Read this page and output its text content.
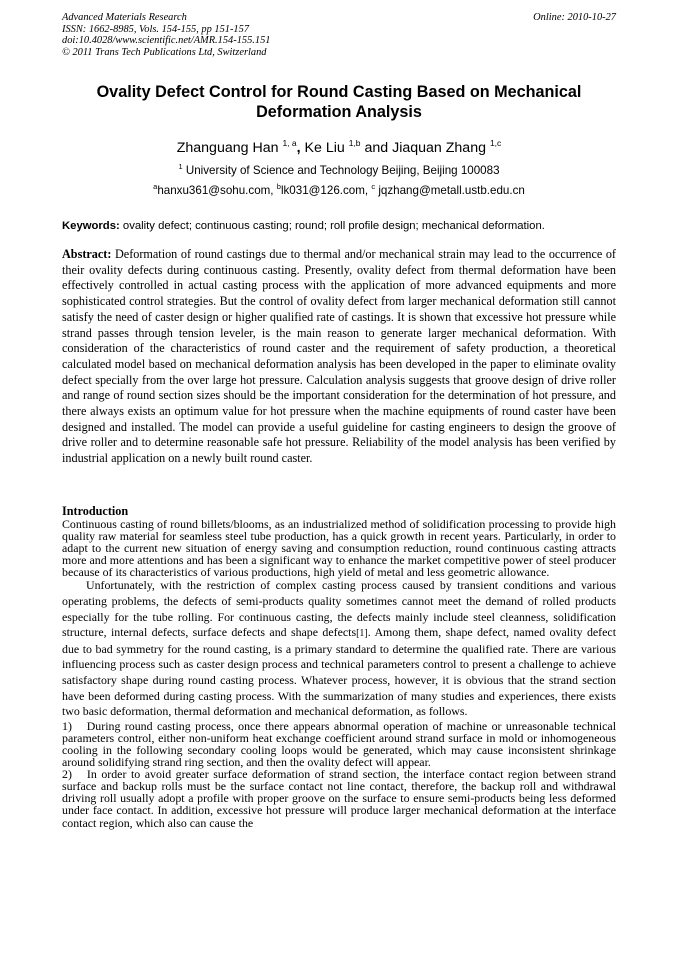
Advanced Materials Research
ISSN: 1662-8985, Vols. 154-155, pp 151-157
doi:10.4028/www.scientific.net/AMR.154-155.151
© 2011 Trans Tech Publications Ltd, Switzerland
Online: 2010-10-27
Ovality Defect Control for Round Casting Based on Mechanical Deformation Analysis
Zhanguang Han $^{1, a}$, Ke Liu $^{1,b}$ and Jiaquan Zhang $^{1,c}$
$^1$ University of Science and Technology Beijing, Beijing 100083
$^a$hanxu361@sohu.com, $^b$lk031@126.com, $^c$ jqzhang@metall.ustb.edu.cn
Keywords: ovality defect; continuous casting; round; roll profile design; mechanical deformation.
Abstract: Deformation of round castings due to thermal and/or mechanical strain may lead to the occurrence of their ovality defects during continuous casting. Presently, ovality defect from thermal deformation have been effectively controlled in actual casting process with the application of more advanced equipments and more sophisticated control strategies. But the control of ovality defect from larger mechanical deformation still cannot satisfy the need of caster design or higher qualified rate of castings. It is shown that excessive hot pressure while strand passes through tension leveler, is the main reason to generate larger mechanical deformation. With consideration of the characteristics of round caster and the requirement of safety production, a theoretical calculated model based on mechanical deformation analysis has been developed in the paper to eliminate ovality defect specially from the over large hot pressure. Calculation analysis suggests that groove design of drive roller and range of round section sizes should be the important consideration for the determination of hot pressure, and there always exists an optimum value for hot pressure when the machine equipments of round caster have been designed and installed. The model can provide a useful guideline for casting engineers to design the groove of drive roller and to determine reasonable safe hot pressure. Reliability of the model analysis has been verified by industrial application on a newly built round caster.
Introduction

Continuous casting of round billets/blooms, as an industrialized method of solidification processing to provide high quality raw material for seamless steel tube production, has a quick growth in recent years. Particularly, in order to adapt to the current new situation of energy saving and consumption reduction, round continuous casting attracts more and more attentions and has been a significant way to enhance the market competitive power of steel producer because of its characteristics of various productions, high yield of metal and less geometric allowance.

Unfortunately, with the restriction of complex casting process caused by transient conditions and various operating problems, the defects of semi-products quality sometimes cannot meet the demand of rolled products especially for the tube rolling. For continuous casting, the defects mainly include steel cleanness, solidification structure, internal defects, surface defects and shape defects[1]. Among them, shape defect, named ovality defect due to bad symmetry for the round casting, is a primary standard to determine the qualified rate. There are various influencing process such as caster design process and technical parameters control to present a challenge to achieve satisfactory shape during round casting process. Whatever process, however, it is obvious that the strand section have been deformed during casting process. With the summarization of many studies and experiences, there exists two basic deformation, thermal deformation and mechanical deformation, as follows.

1)　During round casting process, once there appears abnormal operation of machine or unreasonable technical parameters control, either non-uniform heat exchange coefficient around strand surface in mold or inhomogeneous cooling in the following secondary cooling loops would be generated, which may cause inconsistent shrinkage around solidifying strand ring section, and then the ovality defect will appear.

2)　In order to avoid greater surface deformation of strand section, the interface contact region between strand surface and backup rolls must be the surface contact not line contact, therefore, the backup roll and withdrawal driving roll usually adopt a profile with proper groove on the surface to ensure semi-products being less deformed under face contact. In addition, excessive hot pressure will produce larger mechanical deformation at the interface contact region, which also can cause the
